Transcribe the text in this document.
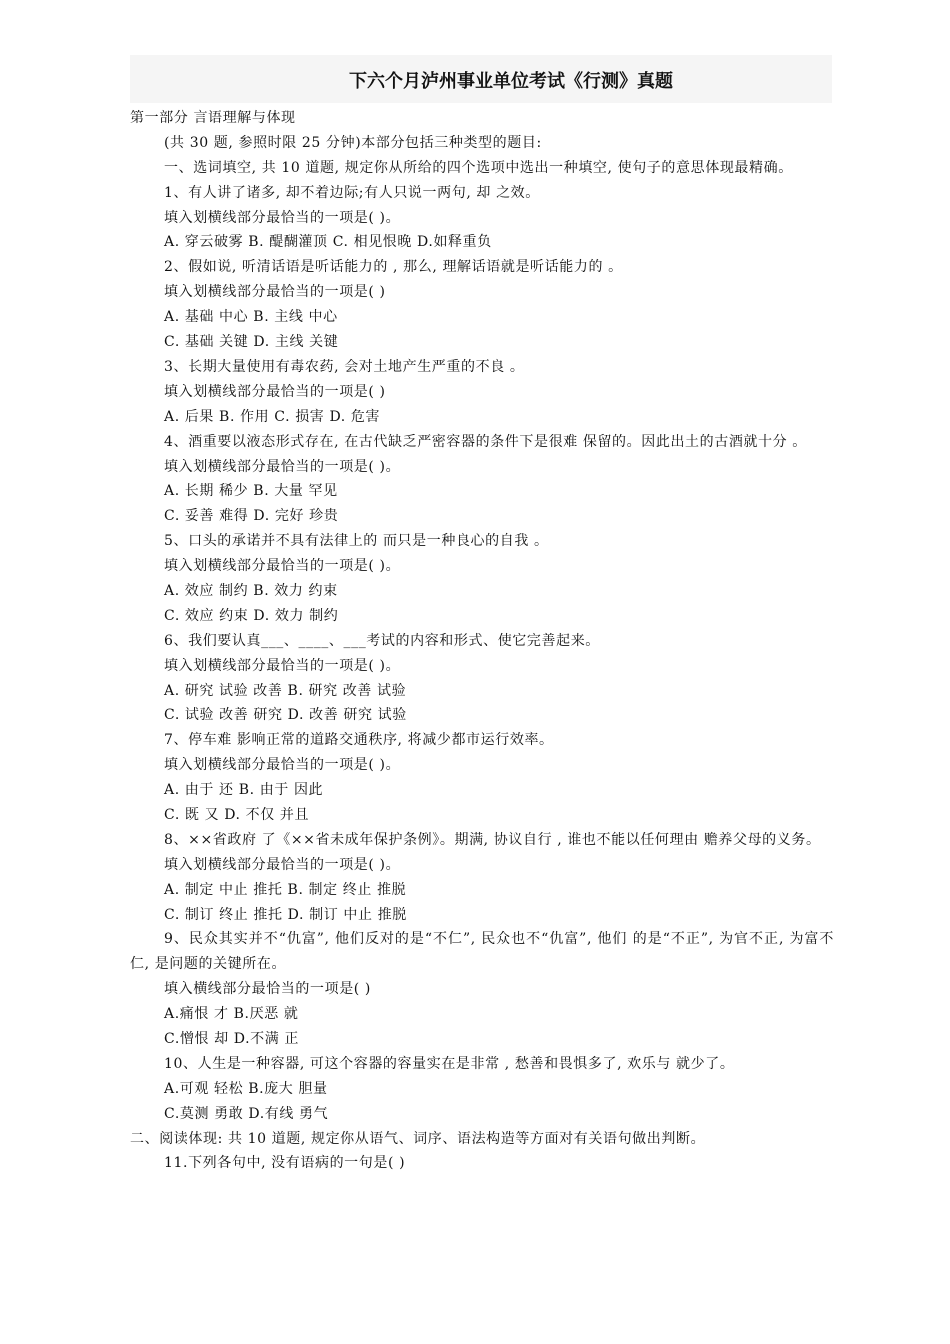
下六个月泸州事业单位考试《行测》真题
第一部分 言语理解与体现
(共 30 题, 参照时限 25 分钟)本部分包括三种类型的题目:
一、选词填空, 共 10 道题, 规定你从所给的四个选项中选出一种填空, 使句子的意思体现最精确。
1、有人讲了诸多, 却不着边际;有人只说一两句, 却 之效。
填入划横线部分最恰当的一项是( )。
A. 穿云破雾 B. 醍醐灌顶 C. 相见恨晚 D.如释重负
2、假如说, 听清话语是听话能力的 , 那么, 理解话语就是听话能力的 。
填入划横线部分最恰当的一项是( )
A. 基础 中心 B. 主线 中心
C. 基础 关键 D. 主线 关键
3、长期大量使用有毒农药, 会对土地产生严重的不良 。
填入划横线部分最恰当的一项是( )
A. 后果 B. 作用 C. 损害 D. 危害
4、酒重要以液态形式存在, 在古代缺乏严密容器的条件下是很难 保留的。因此出土的古酒就十分 。
填入划横线部分最恰当的一项是( )。
A. 长期 稀少 B. 大量 罕见
C. 妥善 难得 D. 完好 珍贵
5、口头的承诺并不具有法律上的 而只是一种良心的自我 。
填入划横线部分最恰当的一项是( )。
A. 效应 制约 B. 效力 约束
C. 效应 约束 D. 效力 制约
6、我们要认真___、____、___考试的内容和形式、使它完善起来。
填入划横线部分最恰当的一项是( )。
A. 研究 试验 改善 B. 研究 改善 试验
C. 试验 改善 研究 D. 改善 研究 试验
7、停车难 影响正常的道路交通秩序, 将减少都市运行效率。
填入划横线部分最恰当的一项是( )。
A. 由于 还 B. 由于 因此
C. 既 又 D. 不仅 并且
8、××省政府 了《××省未成年保护条例》。期满, 协议自行 , 谁也不能以任何理由 赡养父母的义务。
填入划横线部分最恰当的一项是( )。
A. 制定 中止 推托 B. 制定 终止 推脱
C. 制订 终止 推托 D. 制订 中止 推脱
9、民众其实并不“仇富”, 他们反对的是“不仁”, 民众也不“仇富”, 他们 的是“不正”, 为官不正, 为富不仁, 是问题的关键所在。
填入横线部分最恰当的一项是( )
A.痛恨 才 B.厌恶 就
C.憎恨 却 D.不满 正
10、人生是一种容器, 可这个容器的容量实在是非常 , 愁善和畏惧多了, 欢乐与 就少了。
A.可观 轻松 B.庞大 胆量
C.莫测 勇敢 D.有线 勇气
二、阅读体现: 共 10 道题, 规定你从语气、词序、语法构造等方面对有关语句做出判断。
11.下列各句中, 没有语病的一句是( )
